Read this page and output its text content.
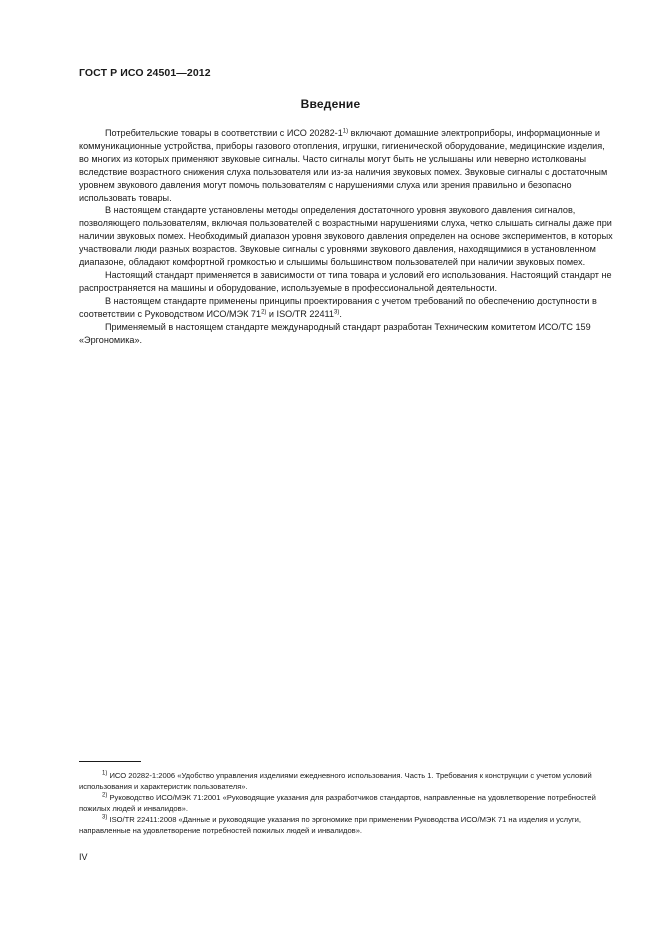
ГОСТ Р ИСО 24501—2012
Введение

Потребительские товары в соответствии с ИСО 20282-1$^{1)}$ включают домашние электроприборы, информационные и коммуникационные устройства, приборы газового отопления, игрушки, гигиенической оборудование, медицинские изделия, во многих из которых применяют звуковые сигналы. Часто сигналы могут быть не услышаны или неверно истолкованы вследствие возрастного снижения слуха пользователя или из-за наличия звуковых помех. Звуковые сигналы с достаточным уровнем звукового давления могут помочь пользователям с нарушениями слуха или зрения правильно и безопасно использовать товары.

В настоящем стандарте установлены методы определения достаточного уровня звукового давления сигналов, позволяющего пользователям, включая пользователей с возрастными нарушениями слуха, четко слышать сигналы даже при наличии звуковых помех. Необходимый диапазон уровня звукового давления определен на основе экспериментов, в которых участвовали люди разных возрастов. Звуковые сигналы с уровнями звукового давления, находящимися в установленном диапазоне, обладают комфортной громкостью и слышимы большинством пользователей при наличии звуковых помех.

Настоящий стандарт применяется в зависимости от типа товара и условий его использования. Настоящий стандарт не распространяется на машины и оборудование, используемые в профессиональной деятельности.

В настоящем стандарте применены принципы проектирования с учетом требований по обеспечению доступности в соответствии с Руководством ИСО/МЭК 71$^{2)}$ и ISO/TR 22411$^{3)}$.

Применяемый в настоящем стандарте международный стандарт разработан Техническим комитетом ИСО/ТС 159 «Эргономика».

$^{1)}$ ИСО 20282-1:2006 «Удобство управления изделиями ежедневного использования. Часть 1. Требования к конструкции с учетом условий использования и характеристик пользователя».

$^{2)}$ Руководство ИСО/МЭК 71:2001 «Руководящие указания для разработчиков стандартов, направленные на удовлетворение потребностей пожилых людей и инвалидов».

$^{3)}$ ISO/TR 22411:2008 «Данные и руководящие указания по эргономике при применении Руководства ИСО/МЭК 71 на изделия и услуги, направленные на удовлетворение потребностей пожилых людей и инвалидов».

IV
